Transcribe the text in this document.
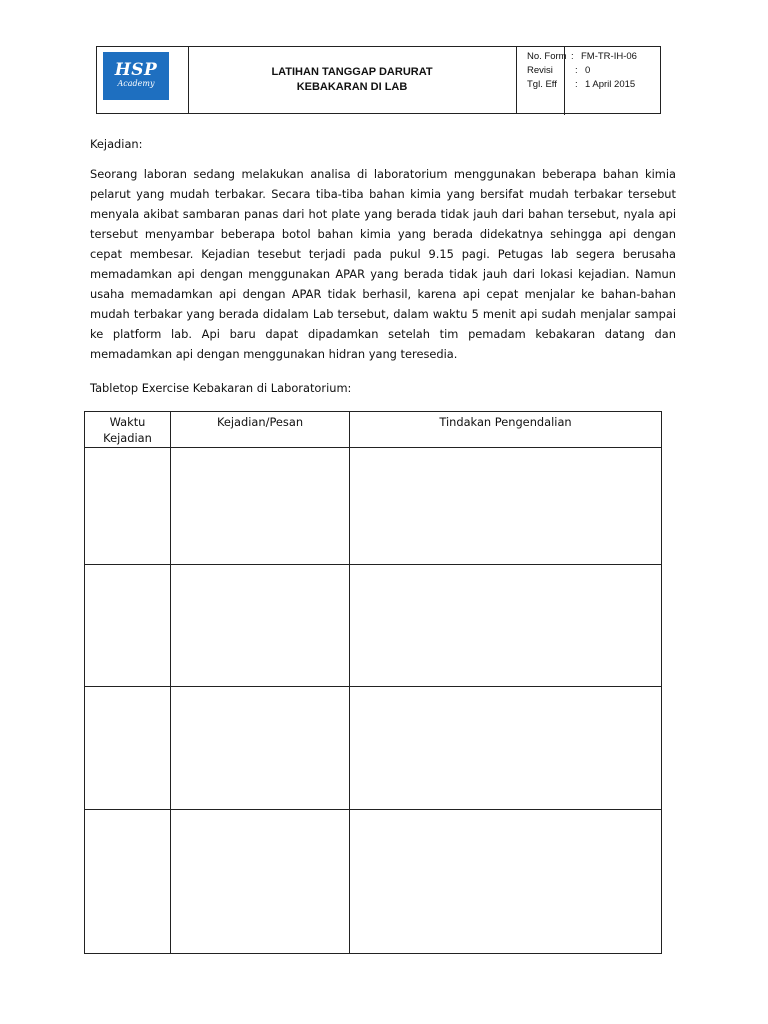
HSP
Academy
LATIHAN TANGGAP DARURAT
KEBAKARAN DI LAB
No. Form : FM-TR-IH-06
Revisi : 0
Tgl. Eff : 1 April 2015
Kejadian:

Seorang laboran sedang melakukan analisa di laboratorium menggunakan beberapa bahan kimia pelarut yang mudah terbakar. Secara tiba-tiba bahan kimia yang bersifat mudah terbakar tersebut menyala akibat sambaran panas dari hot plate yang berada tidak jauh dari bahan tersebut, nyala api tersebut menyambar beberapa botol bahan kimia yang berada didekatnya sehingga api dengan cepat membesar. Kejadian tesebut terjadi pada pukul 9.15 pagi. Petugas lab segera berusaha memadamkan api dengan menggunakan APAR yang berada tidak jauh dari lokasi kejadian. Namun usaha memadamkan api dengan APAR tidak berhasil, karena api cepat menjalar ke bahan-bahan mudah terbakar yang berada didalam Lab tersebut, dalam waktu 5 menit api sudah menjalar sampai ke platform lab. Api baru dapat dipadamkan setelah tim pemadam kebakaran datang dan memadamkan api dengan menggunakan hidran yang teresedia.

Tabletop Exercise Kebakaran di Laboratorium:
Waktu Kejadian	Kejadian/Pesan	Tindakan Pengendalian
